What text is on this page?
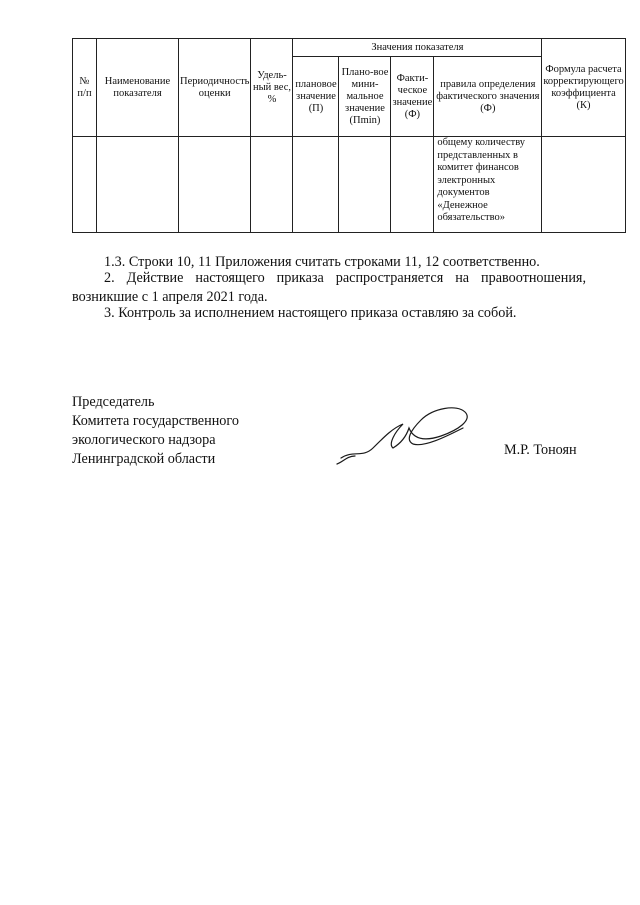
№ п/п	Наименование показателя	Периодичность оценки	Удель-ный вес, %	Значения показателя				Формула расчета корректирующего коэффициента (К)
				плановое значение (П)	Плано-вое мини-мальное значение (Пmin)	Факти-ческое значение (Ф)	правила определения фактического значения (Ф)	
							общему количеству представленных в комитет финансов электронных документов «Денежное обязательство»	

1.3. Строки 10, 11 Приложения считать строками 11, 12 соответственно.

2. Действие настоящего приказа распространяется на правоотношения, возникшие с 1 апреля 2021 года.

3. Контроль за исполнением настоящего приказа оставляю за собой.

Председатель
Комитета государственного
экологического надзора
Ленинградской области
М.Р. Тоноян
